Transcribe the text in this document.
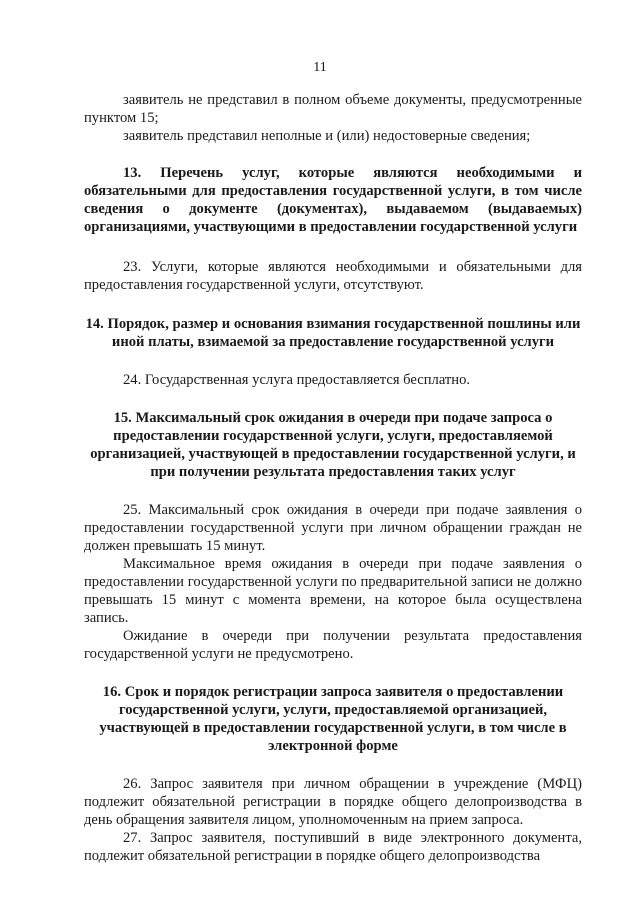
11

заявитель не представил в полном объеме документы, предусмотренные пунктом 15;

заявитель представил неполные и (или) недостоверные сведения;

13. Перечень услуг, которые являются необходимыми и обязательными для предоставления государственной услуги, в том числе сведения о документе (документах), выдаваемом (выдаваемых) организациями, участвующими в предоставлении государственной услуги

23. Услуги, которые являются необходимыми и обязательными для предоставления государственной услуги, отсутствуют.

14. Порядок, размер и основания взимания государственной пошлины или иной платы, взимаемой за предоставление государственной услуги

24. Государственная услуга предоставляется бесплатно.

15. Максимальный срок ожидания в очереди при подаче запроса о предоставлении государственной услуги, услуги, предоставляемой организацией, участвующей в предоставлении государственной услуги, и при получении результата предоставления таких услуг

25. Максимальный срок ожидания в очереди при подаче заявления о предоставлении государственной услуги при личном обращении граждан не должен превышать 15 минут.

Максимальное время ожидания в очереди при подаче заявления о предоставлении государственной услуги по предварительной записи не должно превышать 15 минут с момента времени, на которое была осуществлена запись.

Ожидание в очереди при получении результата предоставления государственной услуги не предусмотрено.

16. Срок и порядок регистрации запроса заявителя о предоставлении государственной услуги, услуги, предоставляемой организацией, участвующей в предоставлении государственной услуги, в том числе в электронной форме

26. Запрос заявителя при личном обращении в учреждение (МФЦ) подлежит обязательной регистрации в порядке общего делопроизводства в день обращения заявителя лицом, уполномоченным на прием запроса.

27. Запрос заявителя, поступивший в виде электронного документа, подлежит обязательной регистрации в порядке общего делопроизводства
